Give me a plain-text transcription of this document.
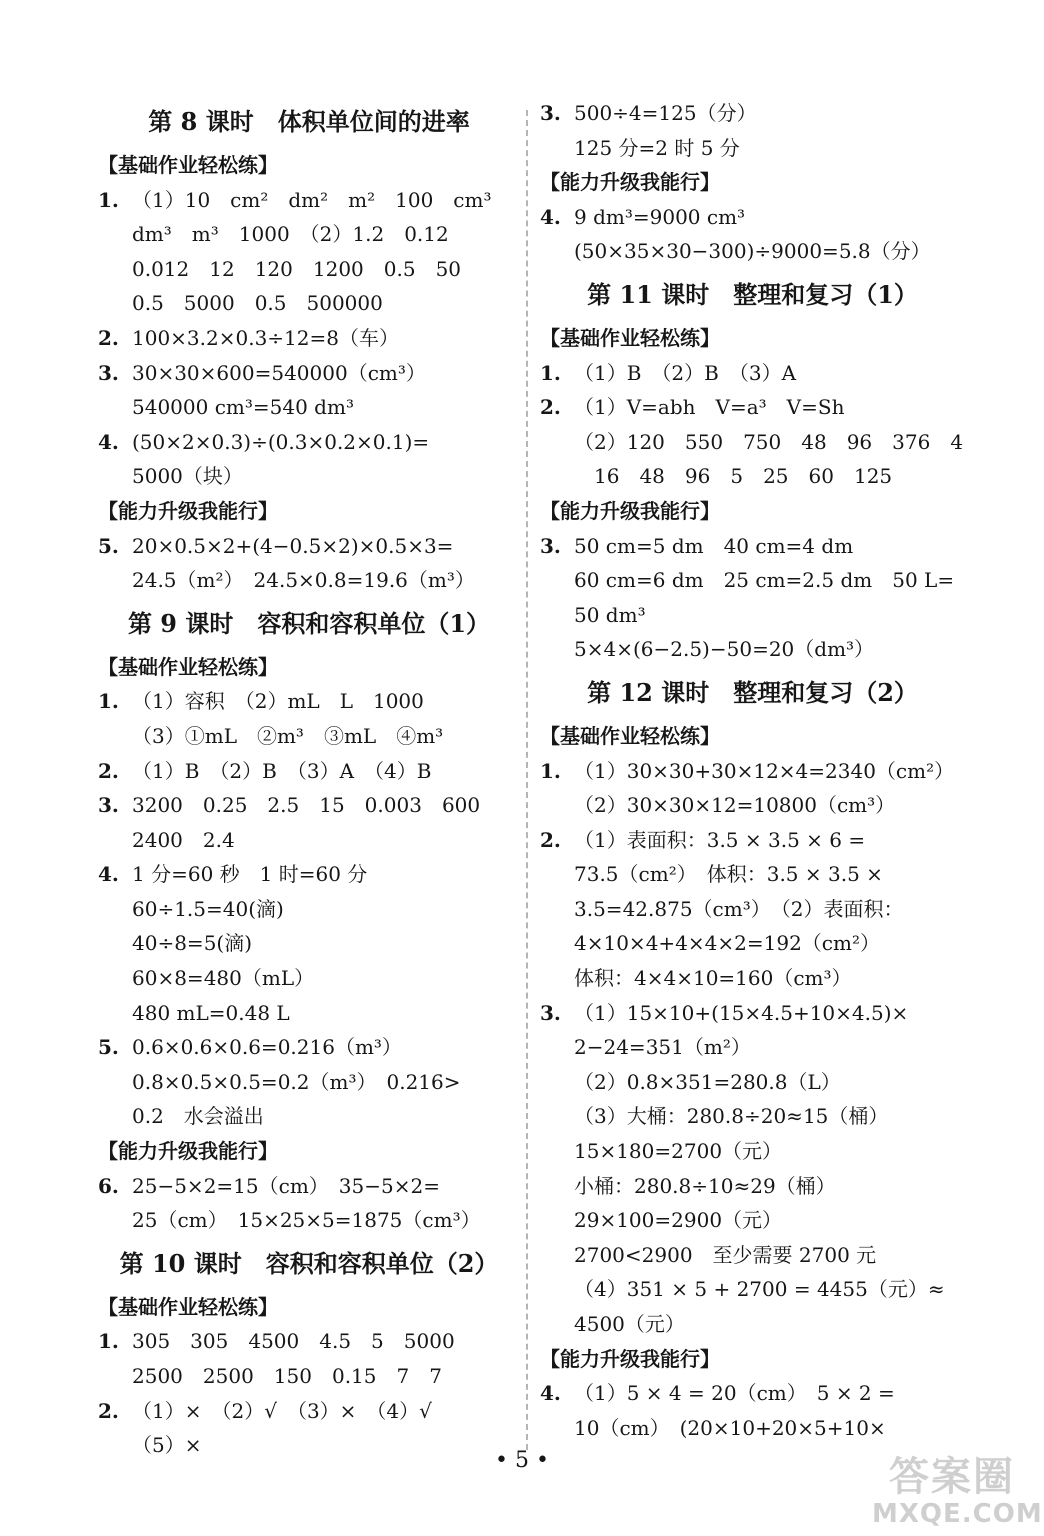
第 8 课时　体积单位间的进率
【基础作业轻松练】
1. （1）10　cm²　dm²　m²　100　cm³
dm³　m³　1000　（2）1.2　0.12
0.012　12　120　1200　0.5　50
0.5　5000　0.5　500000
2. 100×3.2×0.3÷12=8（车）
3. 30×30×600=540000（cm³）
540000 cm³=540 dm³
4. (50×2×0.3)÷(0.3×0.2×0.1)=
5000（块）
【能力升级我能行】
5. 20×0.5×2+(4−0.5×2)×0.5×3=
24.5（m²）　24.5×0.8=19.6（m³）
第 9 课时　容积和容积单位（1）
【基础作业轻松练】
1. （1）容积　（2）mL　L　1000
（3）①mL　②m³　③mL　④m³
2. （1）B　（2）B　（3）A　（4）B
3. 3200　0.25　2.5　15　0.003　600
2400　2.4
4. 1 分=60 秒　1 时=60 分
60÷1.5=40(滴)
40÷8=5(滴)
60×8=480（mL）
480 mL=0.48 L
5. 0.6×0.6×0.6=0.216（m³）
0.8×0.5×0.5=0.2（m³）　0.216>
0.2　水会溢出
【能力升级我能行】
6. 25−5×2=15（cm）　35−5×2=
25（cm）　15×25×5=1875（cm³）
第 10 课时　容积和容积单位（2）
【基础作业轻松练】
1. 305　305　4500　4.5　5　5000
2500　2500　150　0.15　7　7
2. （1）×　（2）√　（3）×　（4）√
（5）×
3. 500÷4=125（分）
125 分=2 时 5 分
【能力升级我能行】
4. 9 dm³=9000 cm³
(50×35×30−300)÷9000=5.8（分）
第 11 课时　整理和复习（1）
【基础作业轻松练】
1. （1）B　（2）B　（3）A
2. （1）V=abh　V=a³　V=Sh
（2）120　550　750　48　96　376　4
　16　48　96　5　25　60　125
【能力升级我能行】
3. 50 cm=5 dm　40 cm=4 dm
60 cm=6 dm　25 cm=2.5 dm　50 L=
50 dm³
5×4×(6−2.5)−50=20（dm³）
第 12 课时　整理和复习（2）
【基础作业轻松练】
1. （1）30×30+30×12×4=2340（cm²）
（2）30×30×12=10800（cm³）
2. （1）表面积：3.5 × 3.5 × 6 =
73.5（cm²）　体积：3.5 × 3.5 ×
3.5=42.875（cm³）　（2）表面积：
4×10×4+4×4×2=192（cm²）
体积：4×4×10=160（cm³）
3. （1）15×10+(15×4.5+10×4.5)×
2−24=351（m²）
（2）0.8×351=280.8（L）
（3）大桶：280.8÷20≈15（桶）
15×180=2700（元）
小桶：280.8÷10≈29（桶）
29×100=2900（元）
2700<2900　至少需要 2700 元
（4）351 × 5 + 2700 = 4455（元）≈
4500（元）
【能力升级我能行】
4. （1）5 × 4 = 20（cm）　5 × 2 =
10（cm）　(20×10+20×5+10×
• 5 •	答案圈
MXQE.COM
